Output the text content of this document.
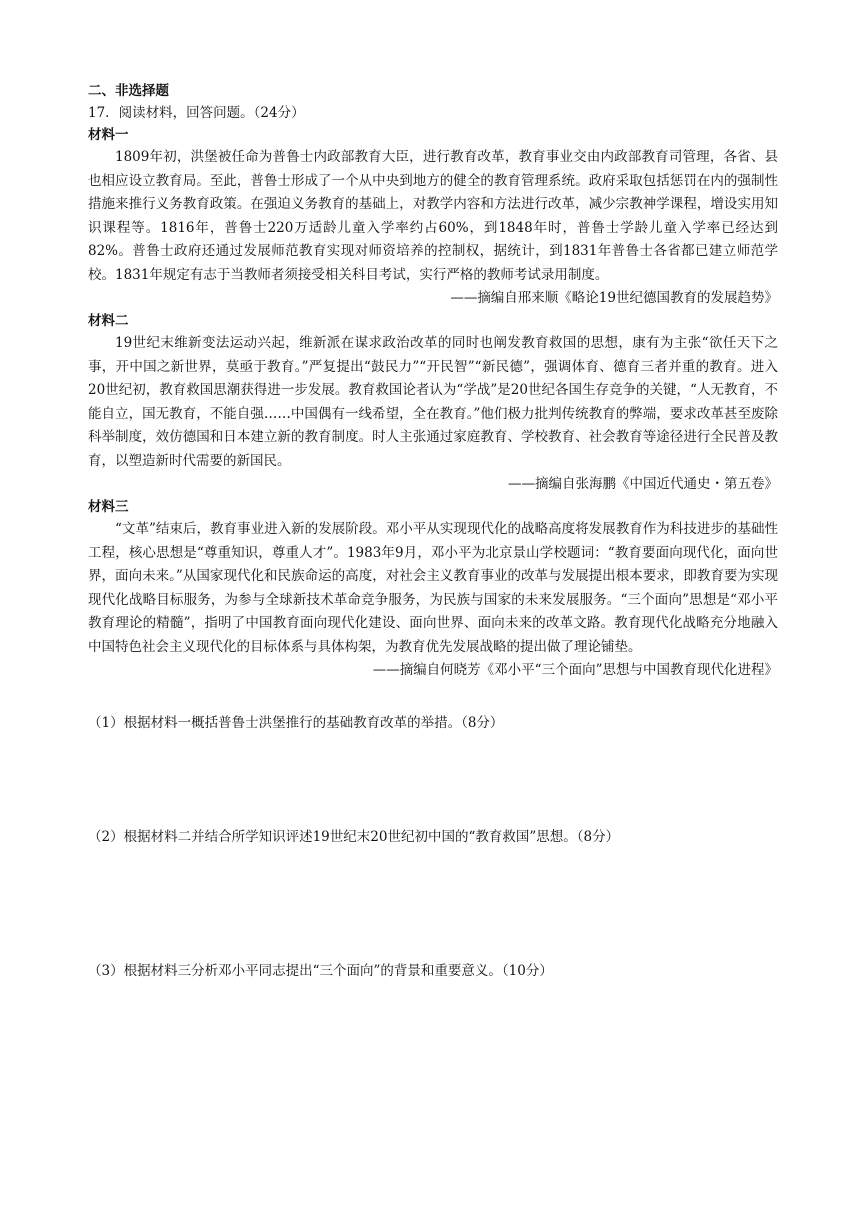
二、非选择题
17．阅读材料，回答问题。（24分）
材料一

1809年初，洪堡被任命为普鲁士内政部教育大臣，进行教育改革，教育事业交由内政部教育司管理，各省、县也相应设立教育局。至此，普鲁士形成了一个从中央到地方的健全的教育管理系统。政府采取包括惩罚在内的强制性措施来推行义务教育政策。在强迫义务教育的基础上，对教学内容和方法进行改革，减少宗教神学课程，增设实用知识课程等。1816年，普鲁士220万适龄儿童入学率约占60%，到1848年时，普鲁士学龄儿童入学率已经达到82%。普鲁士政府还通过发展师范教育实现对师资培养的控制权，据统计，到1831年普鲁士各省都已建立师范学校。1831年规定有志于当教师者须接受相关科目考试，实行严格的教师考试录用制度。

——摘编自邢来顺《略论19世纪德国教育的发展趋势》

材料二

19世纪末维新变法运动兴起，维新派在谋求政治改革的同时也阐发教育救国的思想，康有为主张“欲任天下之事，开中国之新世界，莫亟于教育。”严复提出“鼓民力”“开民智”“新民德”，强调体育、德育三者并重的教育。进入20世纪初，教育救国思潮获得进一步发展。教育救国论者认为“学战”是20世纪各国生存竞争的关键，“人无教育，不能自立，国无教育，不能自强……中国偶有一线希望，全在教育。”他们极力批判传统教育的弊端，要求改革甚至废除科举制度，效仿德国和日本建立新的教育制度。时人主张通过家庭教育、学校教育、社会教育等途径进行全民普及教育，以塑造新时代需要的新国民。

——摘编自张海鹏《中国近代通史・第五卷》

材料三

“文革”结束后，教育事业进入新的发展阶段。邓小平从实现现代化的战略高度将发展教育作为科技进步的基础性工程，核心思想是“尊重知识，尊重人才”。1983年9月，邓小平为北京景山学校题词：“教育要面向现代化，面向世界，面向未来。”从国家现代化和民族命运的高度，对社会主义教育事业的改革与发展提出根本要求，即教育要为实现现代化战略目标服务，为参与全球新技术革命竞争服务，为民族与国家的未来发展服务。“三个面向”思想是“邓小平教育理论的精髓”，指明了中国教育面向现代化建设、面向世界、面向未来的改革文路。教育现代化战略充分地融入中国特色社会主义现代化的目标体系与具体构架，为教育优先发展战略的提出做了理论铺垫。

——摘编自何晓芳《邓小平“三个面向”思想与中国教育现代化进程》

（1）根据材料一概括普鲁士洪堡推行的基础教育改革的举措。（8分）
（2）根据材料二并结合所学知识评述19世纪末20世纪初中国的“教育救国”思想。（8分）
（3）根据材料三分析邓小平同志提出“三个面向”的背景和重要意义。（10分）
